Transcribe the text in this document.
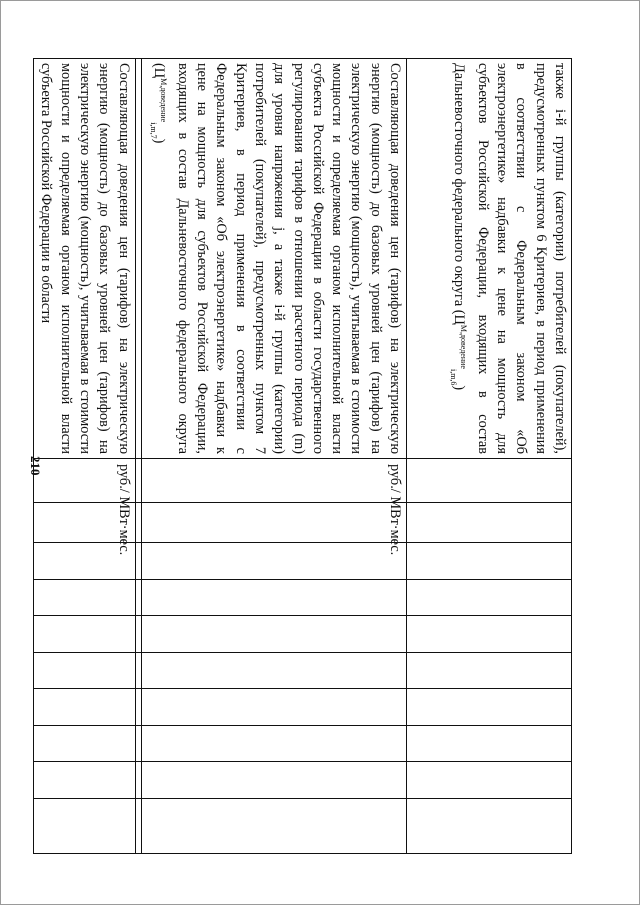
210
также i-й группы (категории) потребителей (покупателей), предусмотренных пунктом 6 Критериев, в период применения в соответствии с Федеральным законом «Об электроэнергетике» надбавки к цене на мощность для субъектов Российской Федерации, входящих в состав Дальневосточного федерального округа $(Ц^{М,доведение}_{i,m,6})$										
Составляющая доведения цен (тарифов) на электрическую энергию (мощность) до базовых уровней цен (тарифов) на электрическую энергию (мощность), учитываемая в стоимости мощности и определяемая органом исполнительной власти субъекта Российской Федерации в области государственного регулирования тарифов в отношении расчетного периода (m) для уровня напряжения j, а также i-й группы (категории) потребителей (покупателей), предусмотренных пунктом 7 Критериев, в период применения в соответствии с Федеральным законом «Об электроэнергетике» надбавки к цене на мощность для субъектов Российской Федерации, входящих в состав Дальневосточного федерального округа $(Ц^{М,доведение}_{i,m,7})$	руб./ МВт·мес.									

Составляющая доведения цен (тарифов) на электрическую энергию (мощность) до базовых уровней цен (тарифов) на электрическую энергию (мощность), учитываемая в стоимости мощности и определяемая органом исполнительной власти субъекта Российской Федерации в области	руб./ МВт·мес.									
